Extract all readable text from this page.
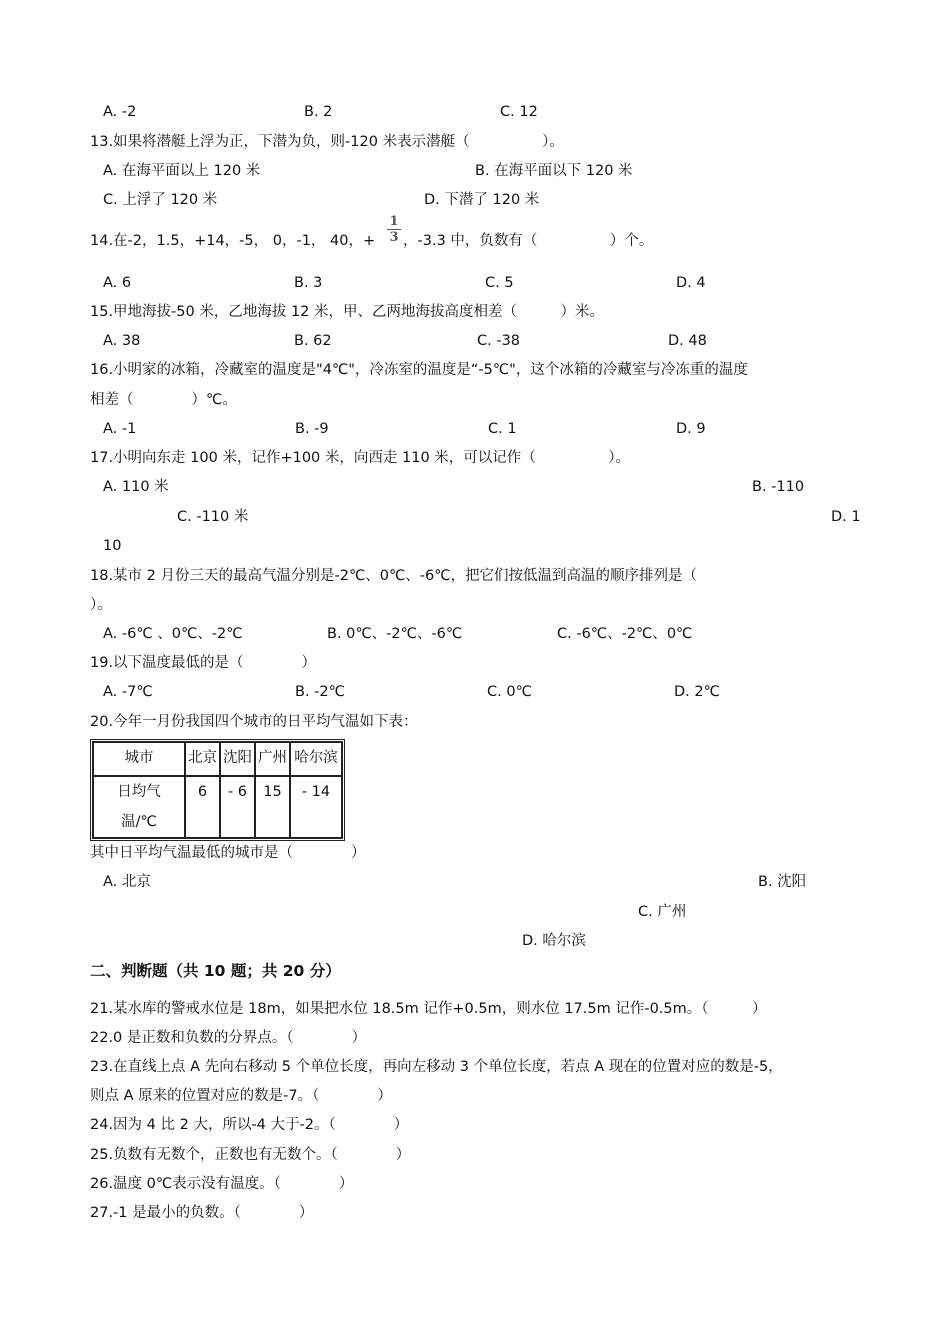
A. -2	B. 2	C. 12
13.如果将潜艇上浮为正，下潜为负，则-120 米表示潜艇（　　　　　）。
A. 在海平面以上 120 米	B. 在海平面以下 120 米
C. 上浮了 120 米	D. 下潜了 120 米
14.在-2，1.5，+14，-5， 0，-1， 40，+ $\frac{1}{3}$ ，-3.3 中，负数有（　　　　　）个。
A. 6	B. 3	C. 5	D. 4
15.甲地海拔-50 米，乙地海拔 12 米，甲、乙两地海拔高度相差（　　　）米。
A. 38	B. 62	C. -38	D. 48
16.小明家的冰箱，冷藏室的温度是"4℃"，冷冻室的温度是“-5℃"，这个冰箱的冷藏室与冷冻重的温度
相差（　　　　）℃。
A. -1	B. -9	C. 1	D. 9
17.小明向东走 100 米，记作+100 米，向西走 110 米，可以记作（　　　　　）。
A. 110 米	B. -110
C. -110 米	D. 1
10
18.某市 2 月份三天的最高气温分别是-2℃、0℃、-6℃，把它们按低温到高温的顺序排列是（
）。
A. -6℃ 、0℃、-2℃	B. 0℃、-2℃、-6℃	C. -6℃、-2℃、0℃
19.以下温度最低的是（　　　　）
A. -7℃	B. -2℃	C. 0℃	D. 2℃
20.今年一月份我国四个城市的日平均气温如下表：
城市	北京	沈阳	广州	哈尔滨

日均气
温/℃	6	- 6	15	- 14
其中日平均气温最低的城市是（　　　　）
A. 北京	B. 沈阳
C. 广州
D. 哈尔滨
二、判断题（共 10 题；共 20 分）
21.某水库的警戒水位是 18m，如果把水位 18.5m 记作+0.5m，则水位 17.5m 记作-0.5m。（　　　）
22.0 是正数和负数的分界点。（　　　　）
23.在直线上点 A 先向右移动 5 个单位长度，再向左移动 3 个单位长度，若点 A 现在的位置对应的数是-5，
则点 A 原来的位置对应的数是-7。（　　　　）
24.因为 4 比 2 大，所以-4 大于-2。（　　　　）
25.负数有无数个，正数也有无数个。（　　　　）
26.温度 0℃表示没有温度。（　　　　）
27.-1 是最小的负数。（　　　　）
